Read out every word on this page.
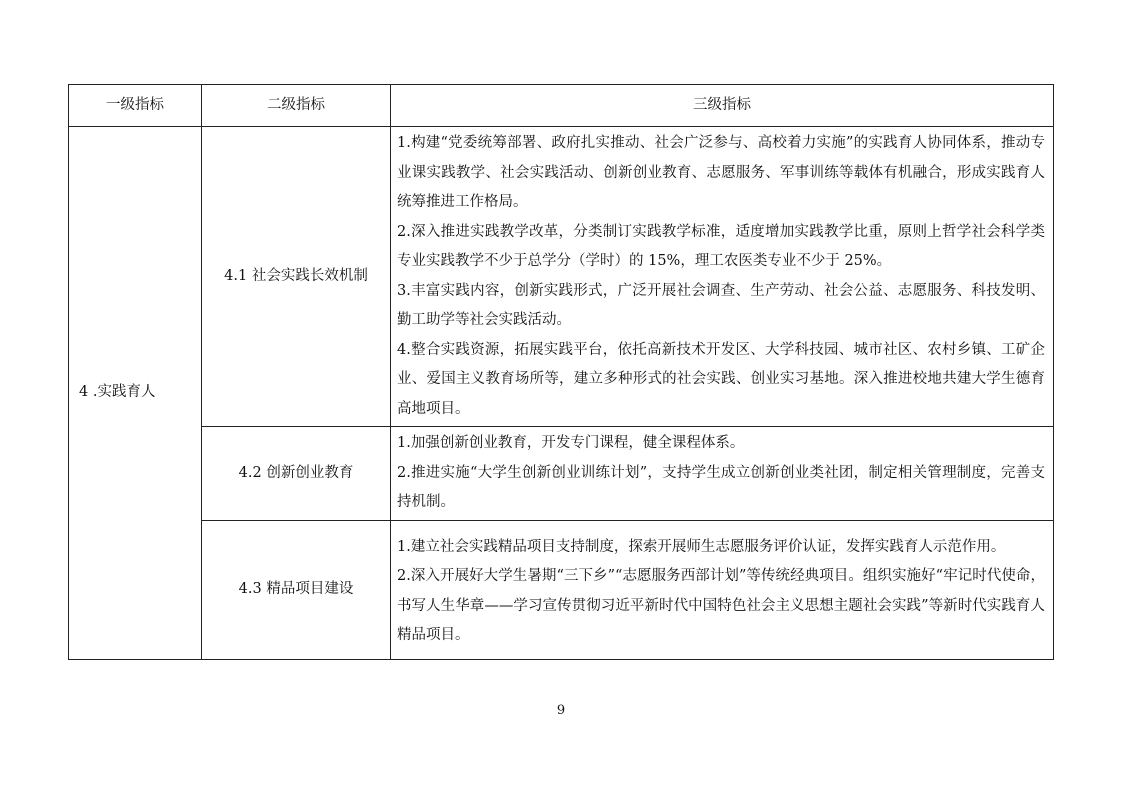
一级指标	二级指标	三级指标
4 .实践育人	4.1 社会实践长效机制	1.构建“党委统筹部署、政府扎实推动、社会广泛参与、高校着力实施”的实践育人协同体系，推动专业课实践教学、社会实践活动、创新创业教育、志愿服务、军事训练等载体有机融合，形成实践育人统筹推进工作格局。

2.深入推进实践教学改革，分类制订实践教学标准，适度增加实践教学比重，原则上哲学社会科学类专业实践教学不少于总学分（学时）的 15%，理工农医类专业不少于 25%。

3.丰富实践内容，创新实践形式，广泛开展社会调查、生产劳动、社会公益、志愿服务、科技发明、勤工助学等社会实践活动。

4.整合实践资源，拓展实践平台，依托高新技术开发区、大学科技园、城市社区、农村乡镇、工矿企业、爱国主义教育场所等，建立多种形式的社会实践、创业实习基地。深入推进校地共建大学生德育高地项目。

	4.2 创新创业教育	1.加强创新创业教育，开发专门课程，健全课程体系。

2.推进实施“大学生创新创业训练计划”，支持学生成立创新创业类社团，制定相关管理制度，完善支持机制。

	4.3 精品项目建设	1.建立社会实践精品项目支持制度，探索开展师生志愿服务评价认证，发挥实践育人示范作用。

2.深入开展好大学生暑期“三下乡”“志愿服务西部计划”等传统经典项目。组织实施好“牢记时代使命，书写人生华章——学习宣传贯彻习近平新时代中国特色社会主义思想主题社会实践”等新时代实践育人精品项目。

9
